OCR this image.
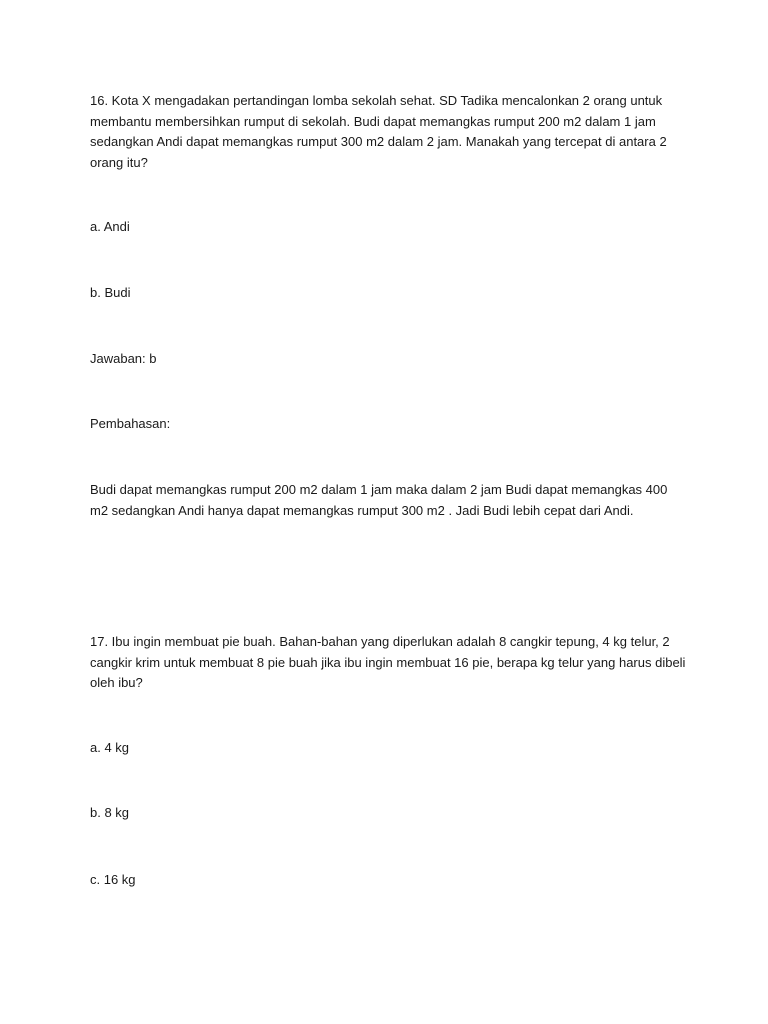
16. Kota X mengadakan pertandingan lomba sekolah sehat. SD Tadika mencalonkan 2 orang untuk membantu membersihkan rumput di sekolah. Budi dapat memangkas rumput 200 m2 dalam 1 jam sedangkan Andi dapat memangkas rumput 300 m2 dalam 2 jam. Manakah yang tercepat di antara 2 orang itu?

a. Andi

b. Budi

Jawaban: b

Pembahasan:

Budi dapat memangkas rumput 200 m2 dalam 1 jam maka dalam 2 jam Budi dapat memangkas 400 m2 sedangkan Andi hanya dapat memangkas rumput 300 m2 . Jadi Budi lebih cepat dari Andi.

17. Ibu ingin membuat pie buah. Bahan-bahan yang diperlukan adalah 8 cangkir tepung, 4 kg telur, 2 cangkir krim untuk membuat 8 pie buah jika ibu ingin membuat 16 pie, berapa kg telur yang harus dibeli oleh ibu?

a. 4 kg

b. 8 kg

c. 16 kg
